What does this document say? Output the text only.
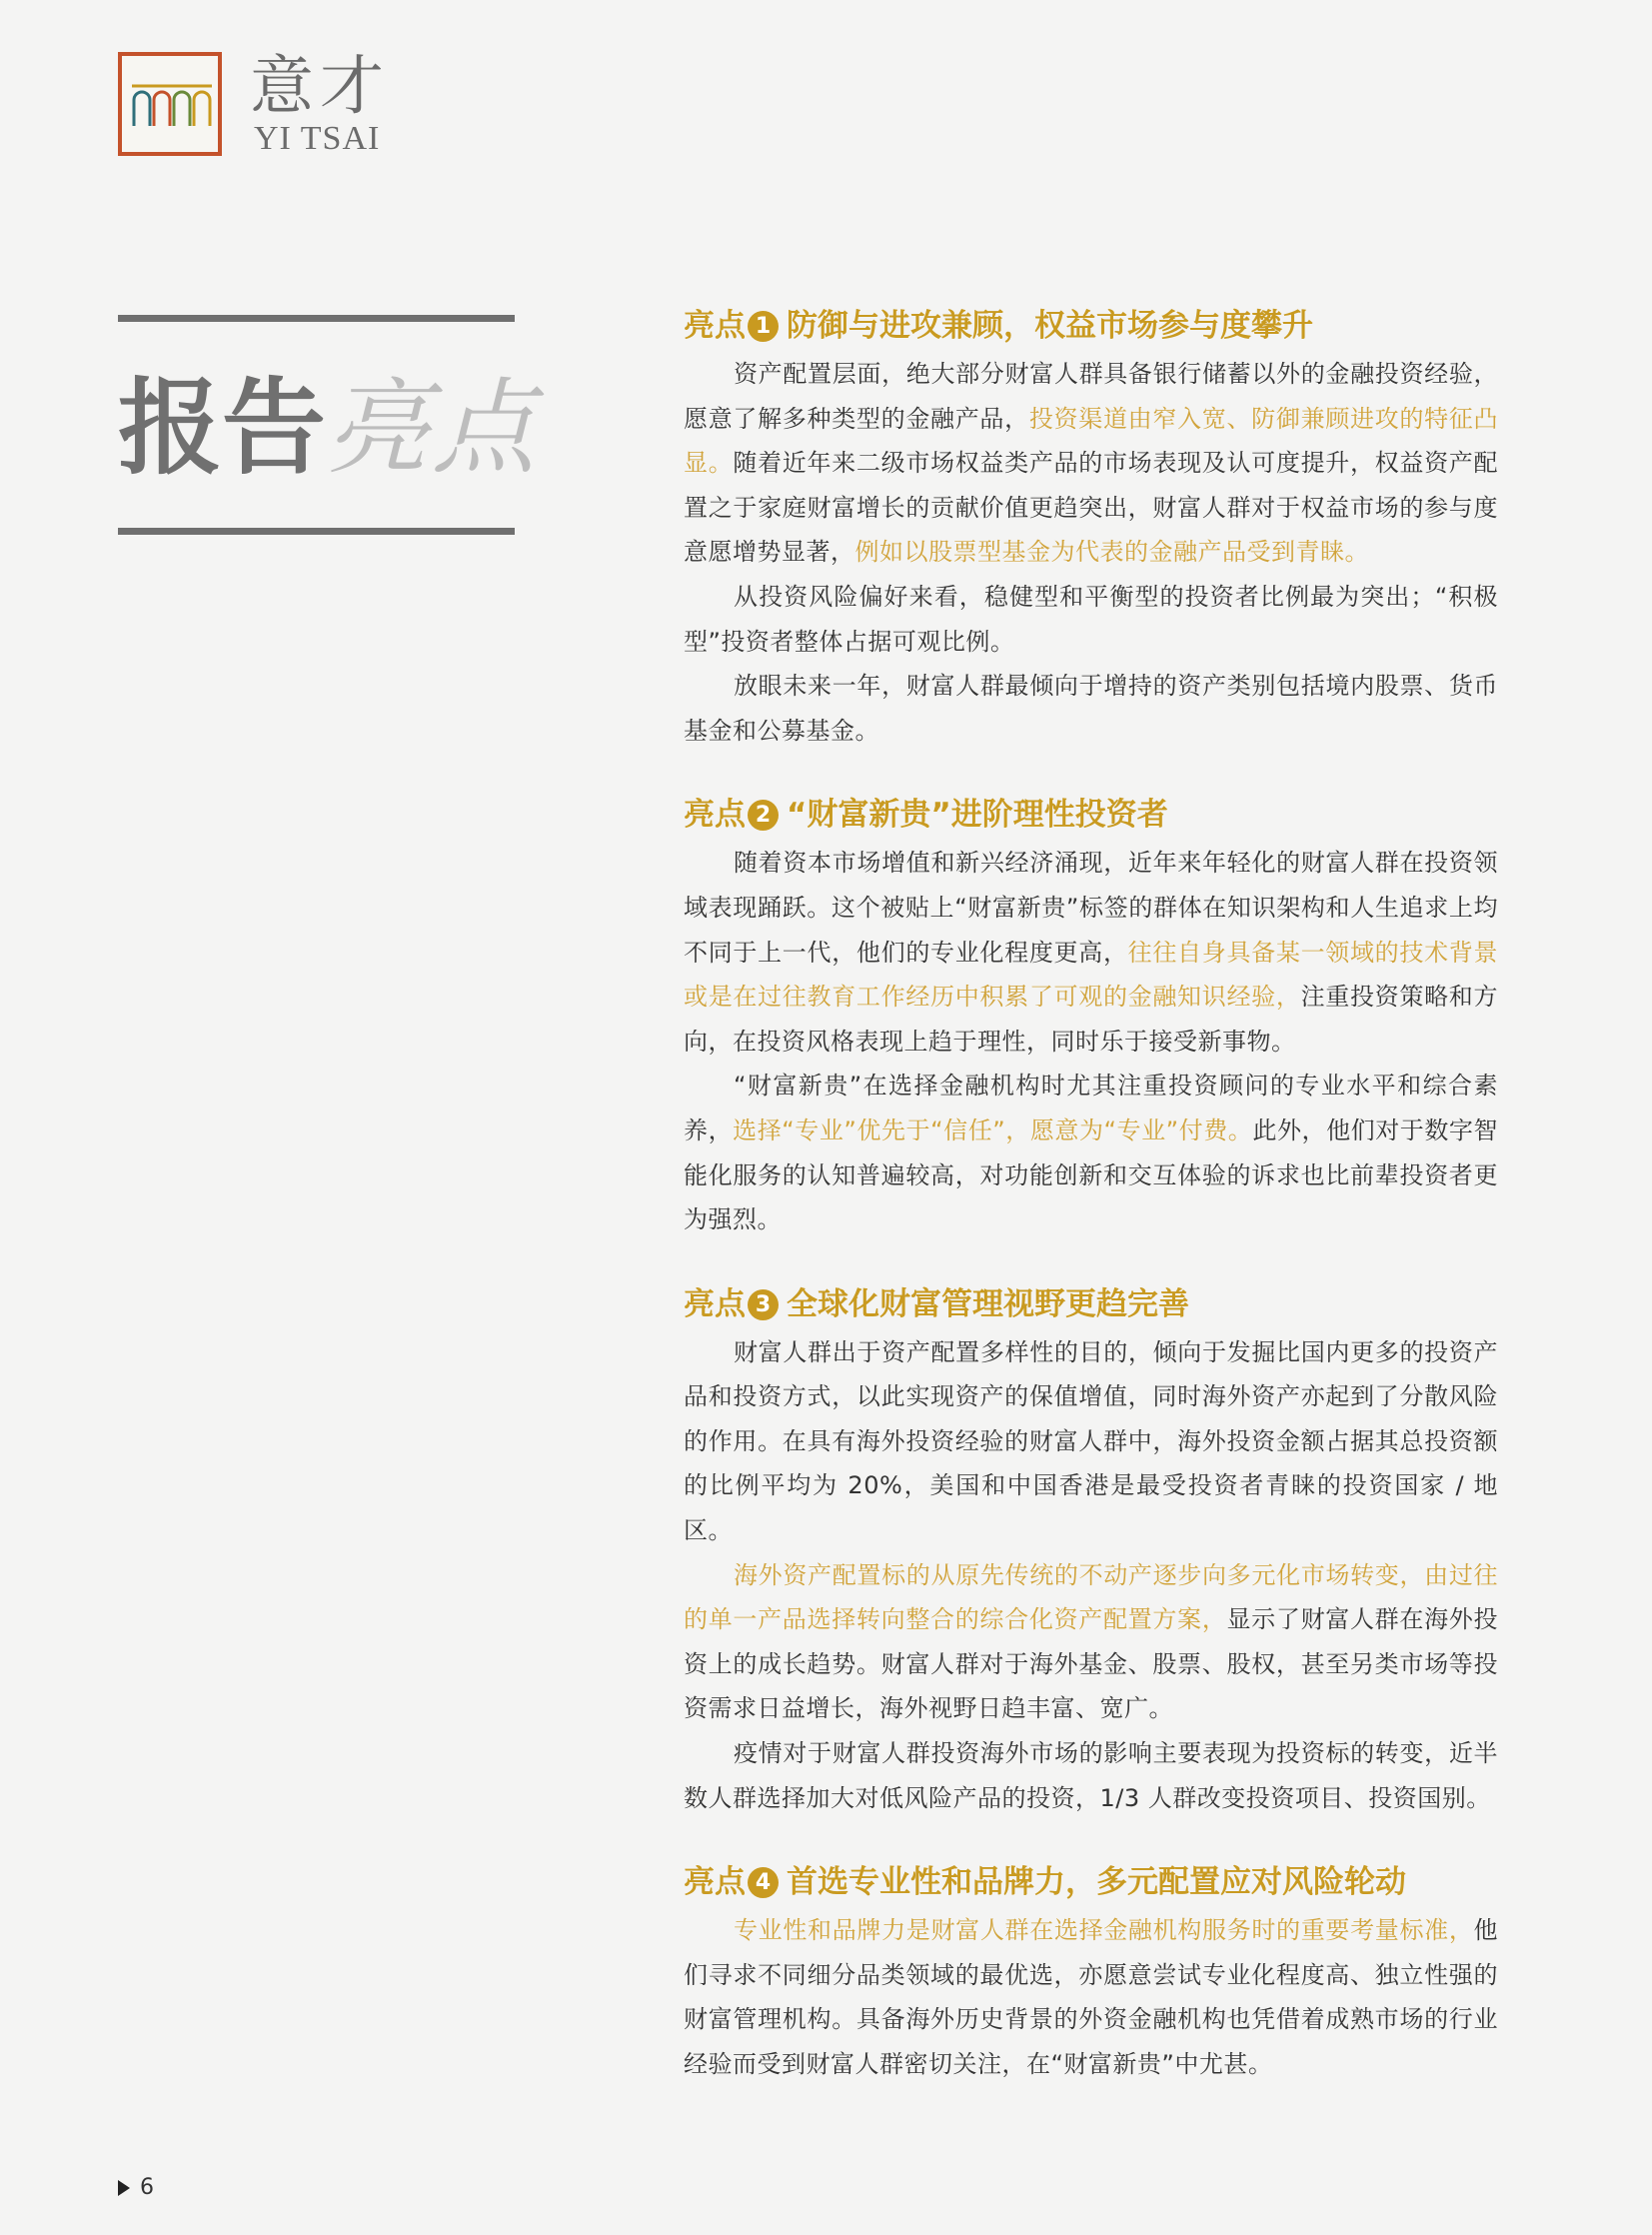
意才
YI TSAI
报告亮点
亮点 1 防御与进攻兼顾，权益市场参与度攀升

资产配置层面，绝大部分财富人群具备银行储蓄以外的金融投资经验，愿意了解多种类型的金融产品，投资渠道由窄入宽、防御兼顾进攻的特征凸显。随着近年来二级市场权益类产品的市场表现及认可度提升，权益资产配置之于家庭财富增长的贡献价值更趋突出，财富人群对于权益市场的参与度意愿增势显著，例如以股票型基金为代表的金融产品受到青睐。

从投资风险偏好来看，稳健型和平衡型的投资者比例最为突出；“积极型”投资者整体占据可观比例。

放眼未来一年，财富人群最倾向于增持的资产类别包括境内股票、货币基金和公募基金。

亮点 2 “财富新贵”进阶理性投资者

随着资本市场增值和新兴经济涌现，近年来年轻化的财富人群在投资领域表现踊跃。这个被贴上“财富新贵”标签的群体在知识架构和人生追求上均不同于上一代，他们的专业化程度更高，往往自身具备某一领域的技术背景或是在过往教育工作经历中积累了可观的金融知识经验，注重投资策略和方向，在投资风格表现上趋于理性，同时乐于接受新事物。

“财富新贵”在选择金融机构时尤其注重投资顾问的专业水平和综合素养，选择“专业”优先于“信任”，愿意为“专业”付费。此外，他们对于数字智能化服务的认知普遍较高，对功能创新和交互体验的诉求也比前辈投资者更为强烈。

亮点 3 全球化财富管理视野更趋完善

财富人群出于资产配置多样性的目的，倾向于发掘比国内更多的投资产品和投资方式，以此实现资产的保值增值，同时海外资产亦起到了分散风险的作用。在具有海外投资经验的财富人群中，海外投资金额占据其总投资额的比例平均为 20%，美国和中国香港是最受投资者青睐的投资国家 / 地区。

海外资产配置标的从原先传统的不动产逐步向多元化市场转变，由过往的单一产品选择转向整合的综合化资产配置方案，显示了财富人群在海外投资上的成长趋势。财富人群对于海外基金、股票、股权，甚至另类市场等投资需求日益增长，海外视野日趋丰富、宽广。

疫情对于财富人群投资海外市场的影响主要表现为投资标的转变，近半数人群选择加大对低风险产品的投资，1/3 人群改变投资项目、投资国别。

亮点 4 首选专业性和品牌力，多元配置应对风险轮动

专业性和品牌力是财富人群在选择金融机构服务时的重要考量标准，他们寻求不同细分品类领域的最优选，亦愿意尝试专业化程度高、独立性强的财富管理机构。具备海外历史背景的外资金融机构也凭借着成熟市场的行业经验而受到财富人群密切关注，在“财富新贵”中尤甚。

6
